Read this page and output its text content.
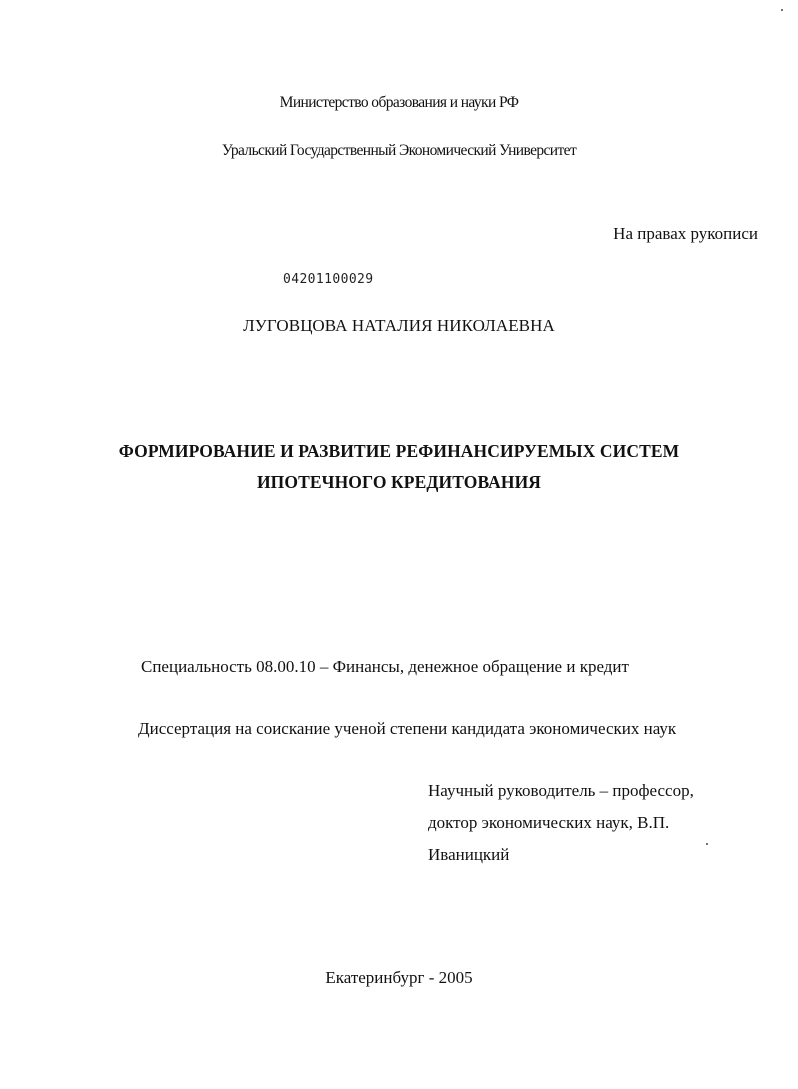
Министерство образования и науки РФ
Уральский Государственный Экономический Университет
На правах рукописи
04201100029
ЛУГОВЦОВА НАТАЛИЯ НИКОЛАЕВНА
ФОРМИРОВАНИЕ И РАЗВИТИЕ РЕФИНАНСИРУЕМЫХ СИСТЕМ
ИПОТЕЧНОГО КРЕДИТОВАНИЯ
Специальность 08.00.10 – Финансы, денежное обращение и кредит
Диссертация на соискание ученой степени кандидата экономических наук
Научный руководитель – профессор,
доктор экономических наук, В.П.
Иваницкий
Екатеринбург - 2005
